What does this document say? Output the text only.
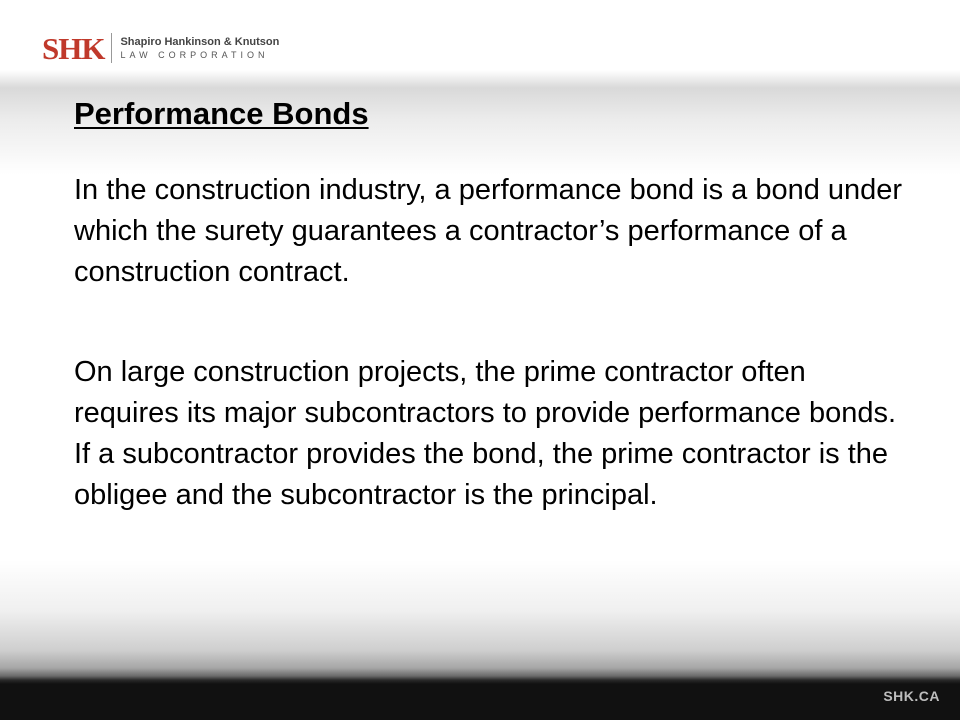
SHK Shapiro Hankinson & Knutson
LAW CORPORATION
Performance Bonds

In the construction industry, a performance bond is a bond under which the surety guarantees a contractor’s performance of a construction contract.

On large construction projects, the prime contractor often requires its major subcontractors to provide performance bonds. If a subcontractor provides the bond, the prime contractor is the obligee and the subcontractor is the principal.

SHK.CA
